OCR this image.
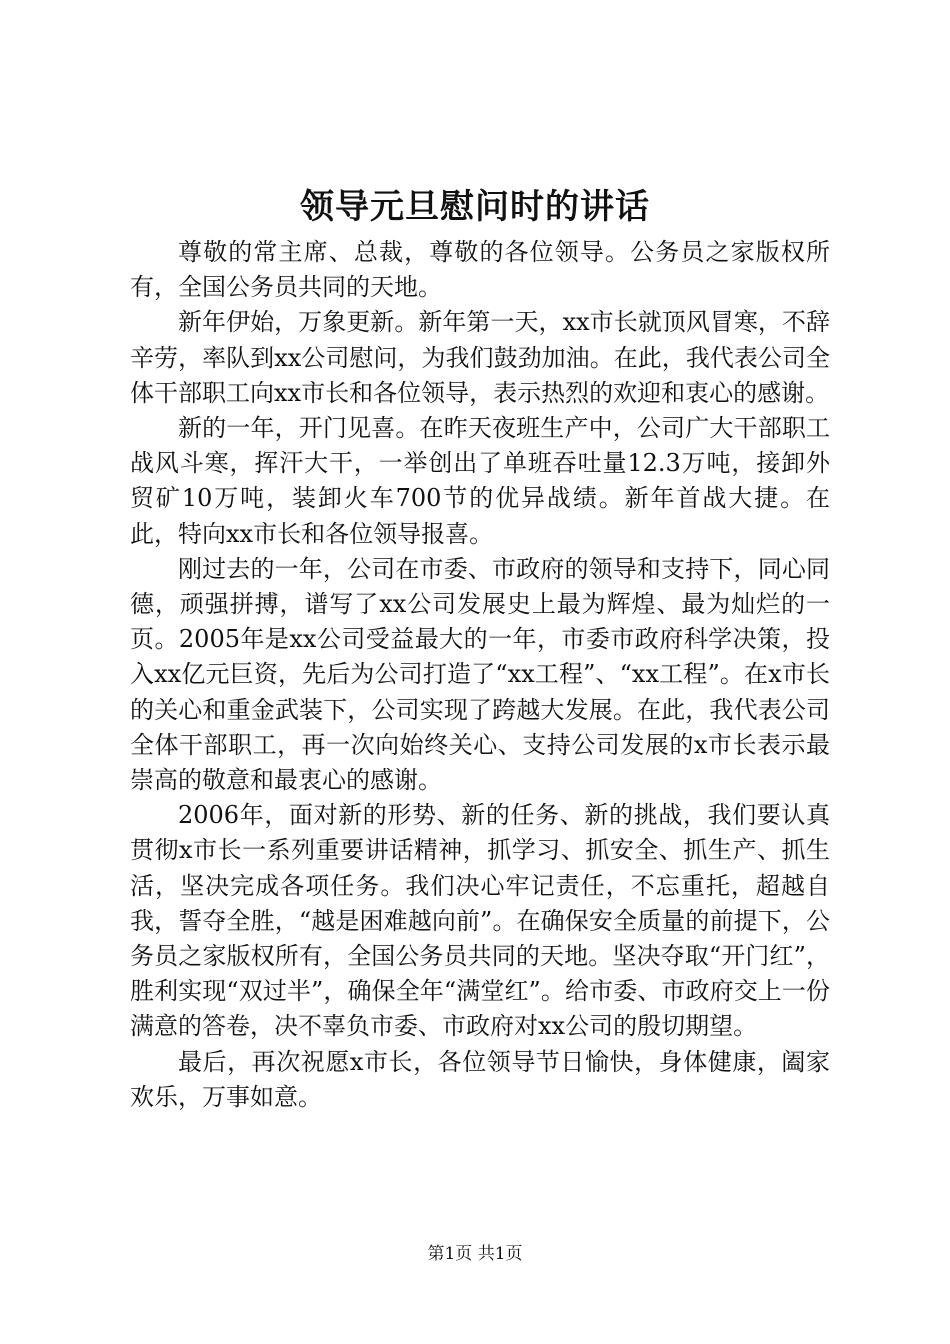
领导元旦慰问时的讲话

尊敬的常主席、总裁，尊敬的各位领导。公务员之家版权所有，全国公务员共同的天地。

新年伊始，万象更新。新年第一天，xx市长就顶风冒寒，不辞辛劳，率队到xx公司慰问，为我们鼓劲加油。在此，我代表公司全体干部职工向xx市长和各位领导，表示热烈的欢迎和衷心的感谢。

新的一年，开门见喜。在昨天夜班生产中，公司广大干部职工战风斗寒，挥汗大干，一举创出了单班吞吐量12.3万吨，接卸外贸矿10万吨，装卸火车700节的优异战绩。新年首战大捷。在此，特向xx市长和各位领导报喜。

刚过去的一年，公司在市委、市政府的领导和支持下，同心同德，顽强拼搏，谱写了xx公司发展史上最为辉煌、最为灿烂的一页。2005年是xx公司受益最大的一年，市委市政府科学决策，投入xx亿元巨资，先后为公司打造了“xx工程”、“xx工程”。在x市长的关心和重金武装下，公司实现了跨越大发展。在此，我代表公司全体干部职工，再一次向始终关心、支持公司发展的x市长表示最崇高的敬意和最衷心的感谢。

2006年，面对新的形势、新的任务、新的挑战，我们要认真贯彻x市长一系列重要讲话精神，抓学习、抓安全、抓生产、抓生活，坚决完成各项任务。我们决心牢记责任，不忘重托，超越自我，誓夺全胜，“越是困难越向前”。在确保安全质量的前提下，公务员之家版权所有，全国公务员共同的天地。坚决夺取“开门红”，胜利实现“双过半”，确保全年“满堂红”。给市委、市政府交上一份满意的答卷，决不辜负市委、市政府对xx公司的殷切期望。

最后，再次祝愿x市长，各位领导节日愉快，身体健康，阖家欢乐，万事如意。

第1页 共1页
